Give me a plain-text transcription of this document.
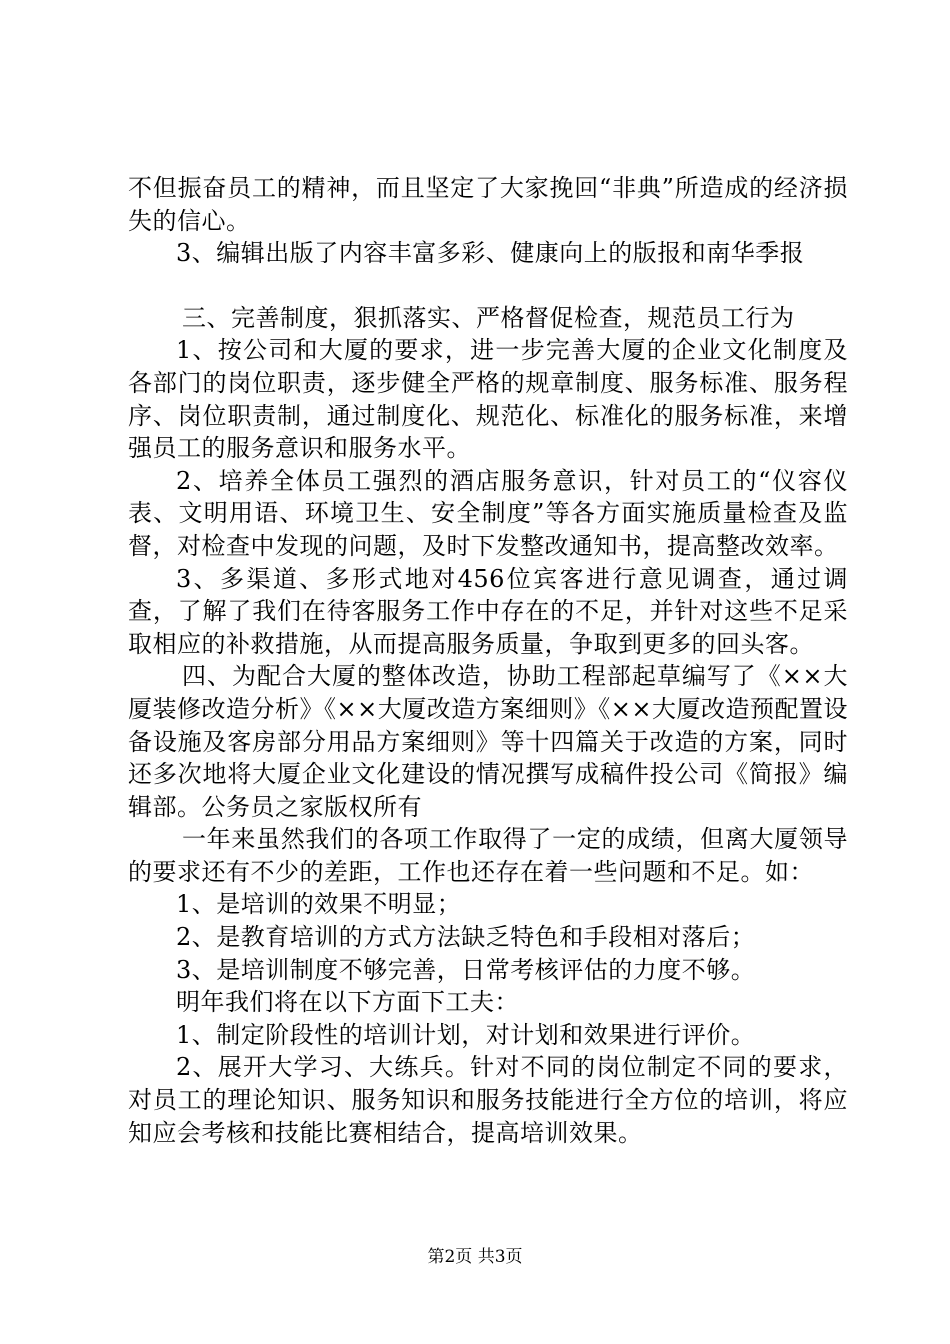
不但振奋员工的精神，而且坚定了大家挽回“非典”所造成的经济损失的信心。

3、编辑出版了内容丰富多彩、健康向上的版报和南华季报

三、完善制度，狠抓落实、严格督促检查，规范员工行为

1、按公司和大厦的要求，进一步完善大厦的企业文化制度及各部门的岗位职责，逐步健全严格的规章制度、服务标准、服务程序、岗位职责制，通过制度化、规范化、标准化的服务标准，来增强员工的服务意识和服务水平。

2、培养全体员工强烈的酒店服务意识，针对员工的“仪容仪表、文明用语、环境卫生、安全制度”等各方面实施质量检查及监督，对检查中发现的问题，及时下发整改通知书，提高整改效率。

3、多渠道、多形式地对456位宾客进行意见调查，通过调查，了解了我们在待客服务工作中存在的不足，并针对这些不足采取相应的补救措施，从而提高服务质量，争取到更多的回头客。

四、为配合大厦的整体改造，协助工程部起草编写了《××大厦装修改造分析》《××大厦改造方案细则》《××大厦改造预配置设备设施及客房部分用品方案细则》等十四篇关于改造的方案，同时还多次地将大厦企业文化建设的情况撰写成稿件投公司《简报》编辑部。公务员之家版权所有

一年来虽然我们的各项工作取得了一定的成绩，但离大厦领导的要求还有不少的差距，工作也还存在着一些问题和不足。如：

1、是培训的效果不明显；

2、是教育培训的方式方法缺乏特色和手段相对落后；

3、是培训制度不够完善，日常考核评估的力度不够。

明年我们将在以下方面下工夫：

1、制定阶段性的培训计划，对计划和效果进行评价。

2、展开大学习、大练兵。针对不同的岗位制定不同的要求，对员工的理论知识、服务知识和服务技能进行全方位的培训，将应知应会考核和技能比赛相结合，提高培训效果。

第2页 共3页
